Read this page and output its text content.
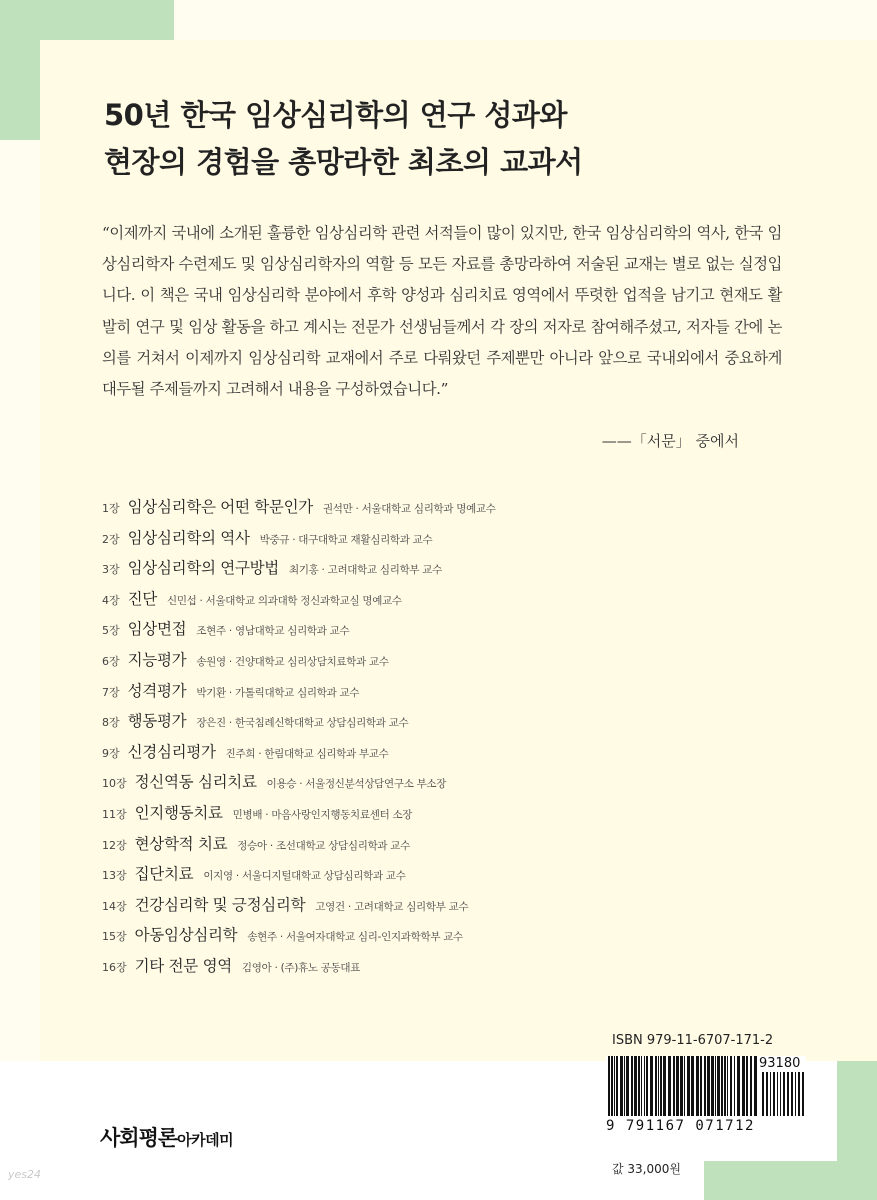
50년 한국 임상심리학의 연구 성과와
현장의 경험을 총망라한 최초의 교과서
“이제까지 국내에 소개된 훌륭한 임상심리학 관련 서적들이 많이 있지만, 한국 임상심리학의 역사, 한국 임상심리학자 수련제도 및 임상심리학자의 역할 등 모든 자료를 총망라하여 저술된 교재는 별로 없는 실정입니다. 이 책은 국내 임상심리학 분야에서 후학 양성과 심리치료 영역에서 뚜렷한 업적을 남기고 현재도 활발히 연구 및 임상 활동을 하고 계시는 전문가 선생님들께서 각 장의 저자로 참여해주셨고, 저자들 간에 논의를 거쳐서 이제까지 임상심리학 교재에서 주로 다뤄왔던 주제뿐만 아니라 앞으로 국내외에서 중요하게 대두될 주제들까지 고려해서 내용을 구성하였습니다.”
——「서문」 중에서
1장 임상심리학은 어떤 학문인가 권석만 · 서울대학교 심리학과 명예교수
2장 임상심리학의 역사 박중규 · 대구대학교 재활심리학과 교수
3장 임상심리학의 연구방법 최기홍 · 고려대학교 심리학부 교수
4장 진단 신민섭 · 서울대학교 의과대학 정신과학교실 명예교수
5장 임상면접 조현주 · 영남대학교 심리학과 교수
6장 지능평가 송원영 · 건양대학교 심리상담치료학과 교수
7장 성격평가 박기환 · 가톨릭대학교 심리학과 교수
8장 행동평가 장은진 · 한국침례신학대학교 상담심리학과 교수
9장 신경심리평가 진주희 · 한림대학교 심리학과 부교수
10장 정신역동 심리치료 이용승 · 서울정신분석상담연구소 부소장
11장 인지행동치료 민병배 · 마음사랑인지행동치료센터 소장
12장 현상학적 치료 정승아 · 조선대학교 상담심리학과 교수
13장 집단치료 이지영 · 서울디지털대학교 상담심리학과 교수
14장 건강심리학 및 긍정심리학 고영건 · 고려대학교 심리학부 교수
15장 아동임상심리학 송현주 · 서울여자대학교 심리-인지과학학부 교수
16장 기타 전문 영역 김영아 · (주)휴노 공동대표
사회평론아카데미
ISBN 979-11-6707-171-2
93180
9 791167 071712
값 33,000원
yes24
